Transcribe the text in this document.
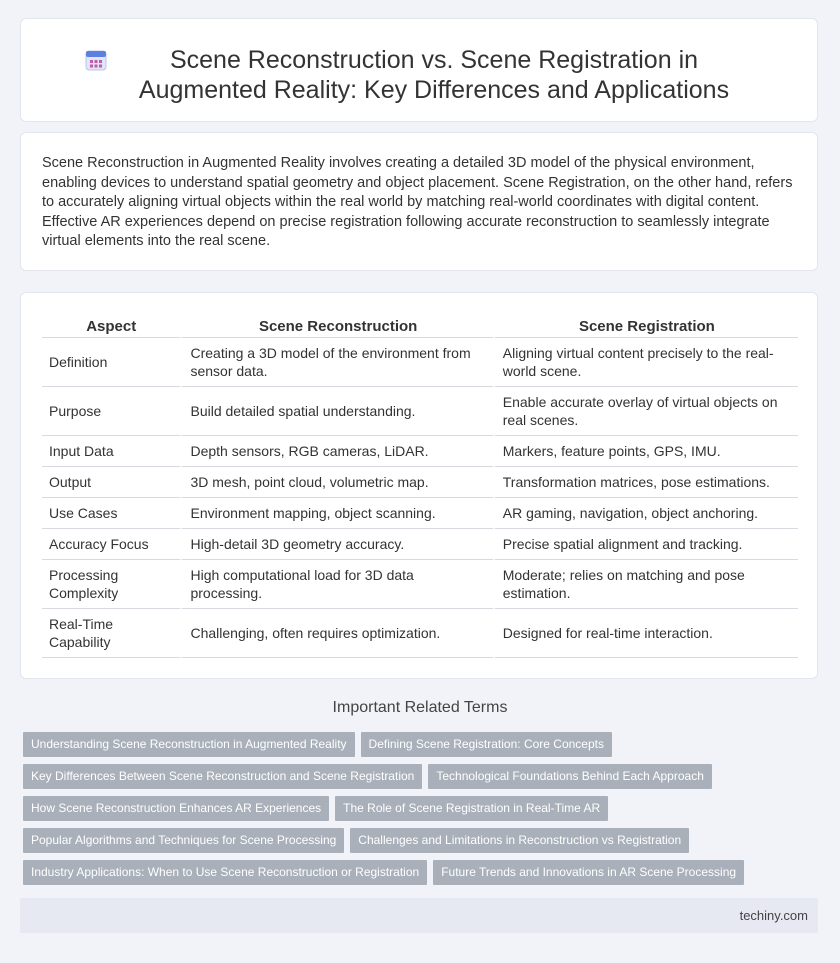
Scene Reconstruction vs. Scene Registration in Augmented Reality: Key Differences and Applications

Scene Reconstruction in Augmented Reality involves creating a detailed 3D model of the physical environment, enabling devices to understand spatial geometry and object placement. Scene Registration, on the other hand, refers to accurately aligning virtual objects within the real world by matching real-world coordinates with digital content. Effective AR experiences depend on precise registration following accurate reconstruction to seamlessly integrate virtual elements into the real scene.

Aspect	Scene Reconstruction	Scene Registration
Definition	Creating a 3D model of the environment from sensor data.	Aligning virtual content precisely to the real-world scene.
Purpose	Build detailed spatial understanding.	Enable accurate overlay of virtual objects on real scenes.
Input Data	Depth sensors, RGB cameras, LiDAR.	Markers, feature points, GPS, IMU.
Output	3D mesh, point cloud, volumetric map.	Transformation matrices, pose estimations.
Use Cases	Environment mapping, object scanning.	AR gaming, navigation, object anchoring.
Accuracy Focus	High-detail 3D geometry accuracy.	Precise spatial alignment and tracking.
Processing Complexity	High computational load for 3D data processing.	Moderate; relies on matching and pose estimation.
Real-Time Capability	Challenging, often requires optimization.	Designed for real-time interaction.
Important Related Terms
Understanding Scene Reconstruction in Augmented Reality Defining Scene Registration: Core Concepts
Key Differences Between Scene Reconstruction and Scene Registration Technological Foundations Behind Each Approach
How Scene Reconstruction Enhances AR Experiences The Role of Scene Registration in Real-Time AR
Popular Algorithms and Techniques for Scene Processing Challenges and Limitations in Reconstruction vs Registration
Industry Applications: When to Use Scene Reconstruction or Registration Future Trends and Innovations in AR Scene Processing
techiny.com
